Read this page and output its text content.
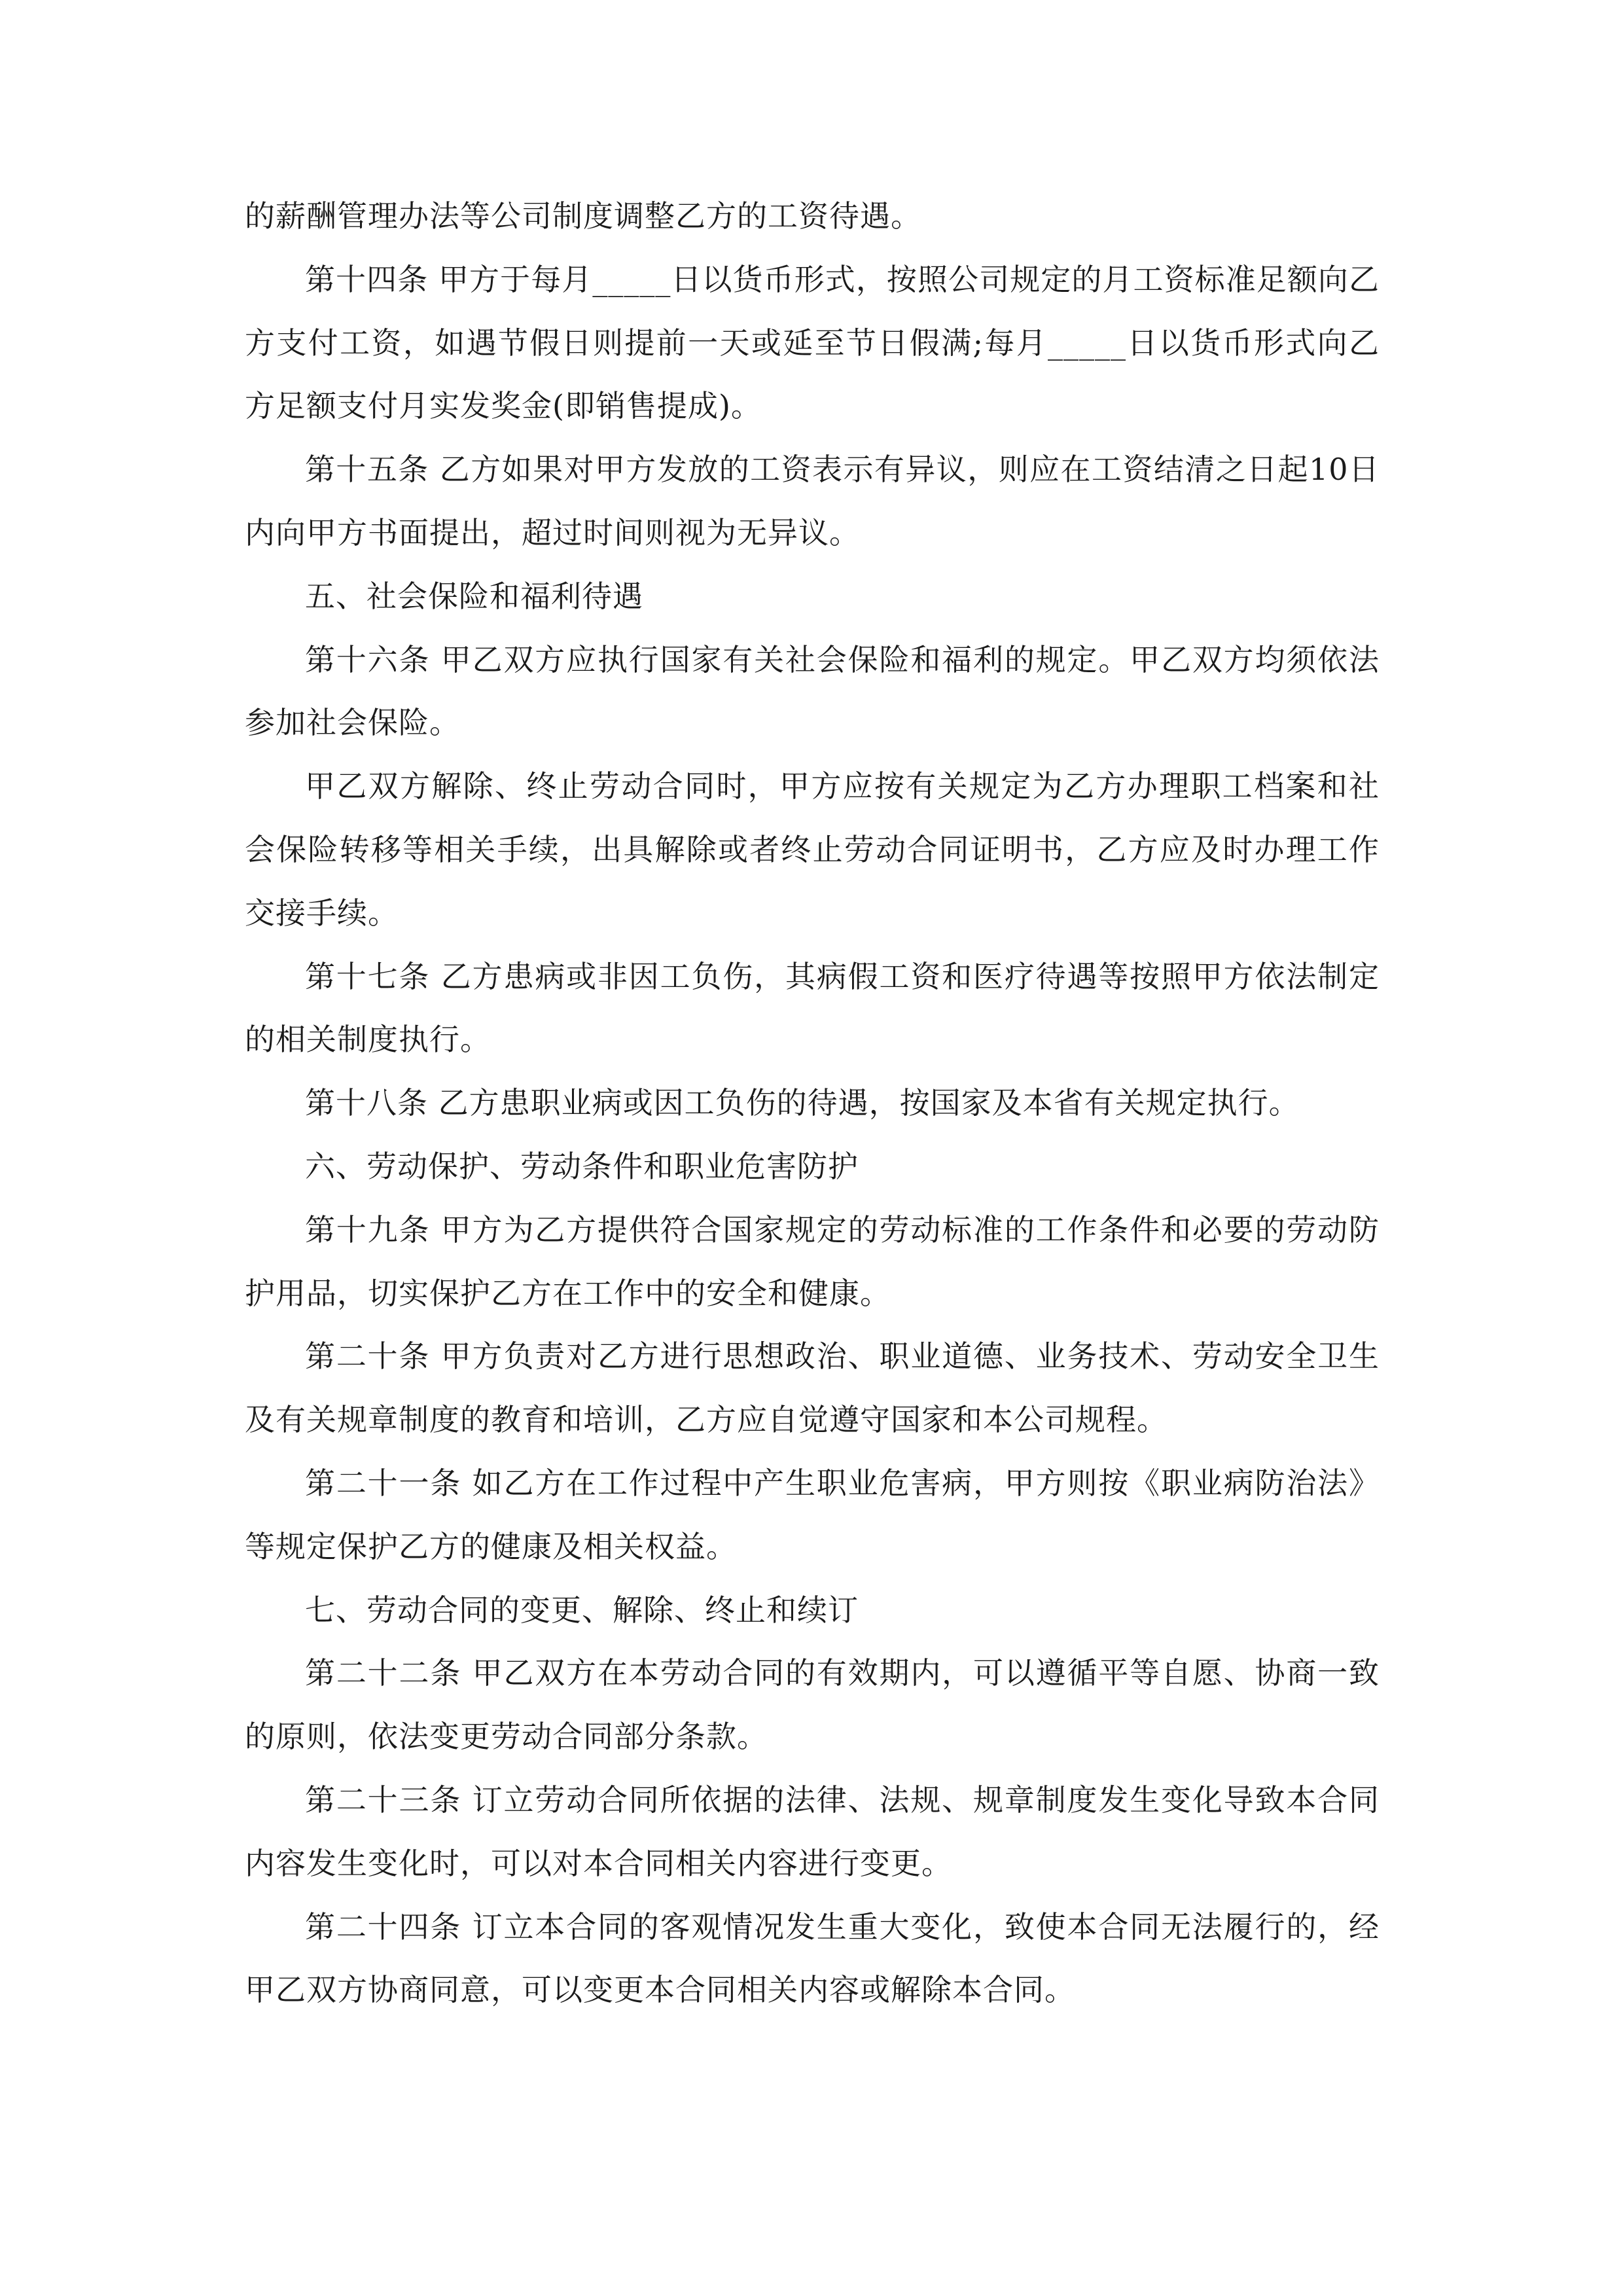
的薪酬管理办法等公司制度调整乙方的工资待遇。

第十四条 甲方于每月_____日以货币形式，按照公司规定的月工资标准足额向乙方支付工资，如遇节假日则提前一天或延至节日假满;每月_____日以货币形式向乙方足额支付月实发奖金(即销售提成)。

第十五条 乙方如果对甲方发放的工资表示有异议，则应在工资结清之日起10日内向甲方书面提出，超过时间则视为无异议。

五、社会保险和福利待遇

第十六条 甲乙双方应执行国家有关社会保险和福利的规定。甲乙双方均须依法参加社会保险。

甲乙双方解除、终止劳动合同时，甲方应按有关规定为乙方办理职工档案和社会保险转移等相关手续，出具解除或者终止劳动合同证明书，乙方应及时办理工作交接手续。

第十七条 乙方患病或非因工负伤，其病假工资和医疗待遇等按照甲方依法制定的相关制度执行。

第十八条 乙方患职业病或因工负伤的待遇，按国家及本省有关规定执行。

六、劳动保护、劳动条件和职业危害防护

第十九条 甲方为乙方提供符合国家规定的劳动标准的工作条件和必要的劳动防护用品，切实保护乙方在工作中的安全和健康。

第二十条 甲方负责对乙方进行思想政治、职业道德、业务技术、劳动安全卫生及有关规章制度的教育和培训，乙方应自觉遵守国家和本公司规程。

第二十一条 如乙方在工作过程中产生职业危害病，甲方则按《职业病防治法》等规定保护乙方的健康及相关权益。

七、劳动合同的变更、解除、终止和续订

第二十二条 甲乙双方在本劳动合同的有效期内，可以遵循平等自愿、协商一致的原则，依法变更劳动合同部分条款。

第二十三条 订立劳动合同所依据的法律、法规、规章制度发生变化导致本合同内容发生变化时，可以对本合同相关内容进行变更。

第二十四条 订立本合同的客观情况发生重大变化，致使本合同无法履行的，经甲乙双方协商同意，可以变更本合同相关内容或解除本合同。
